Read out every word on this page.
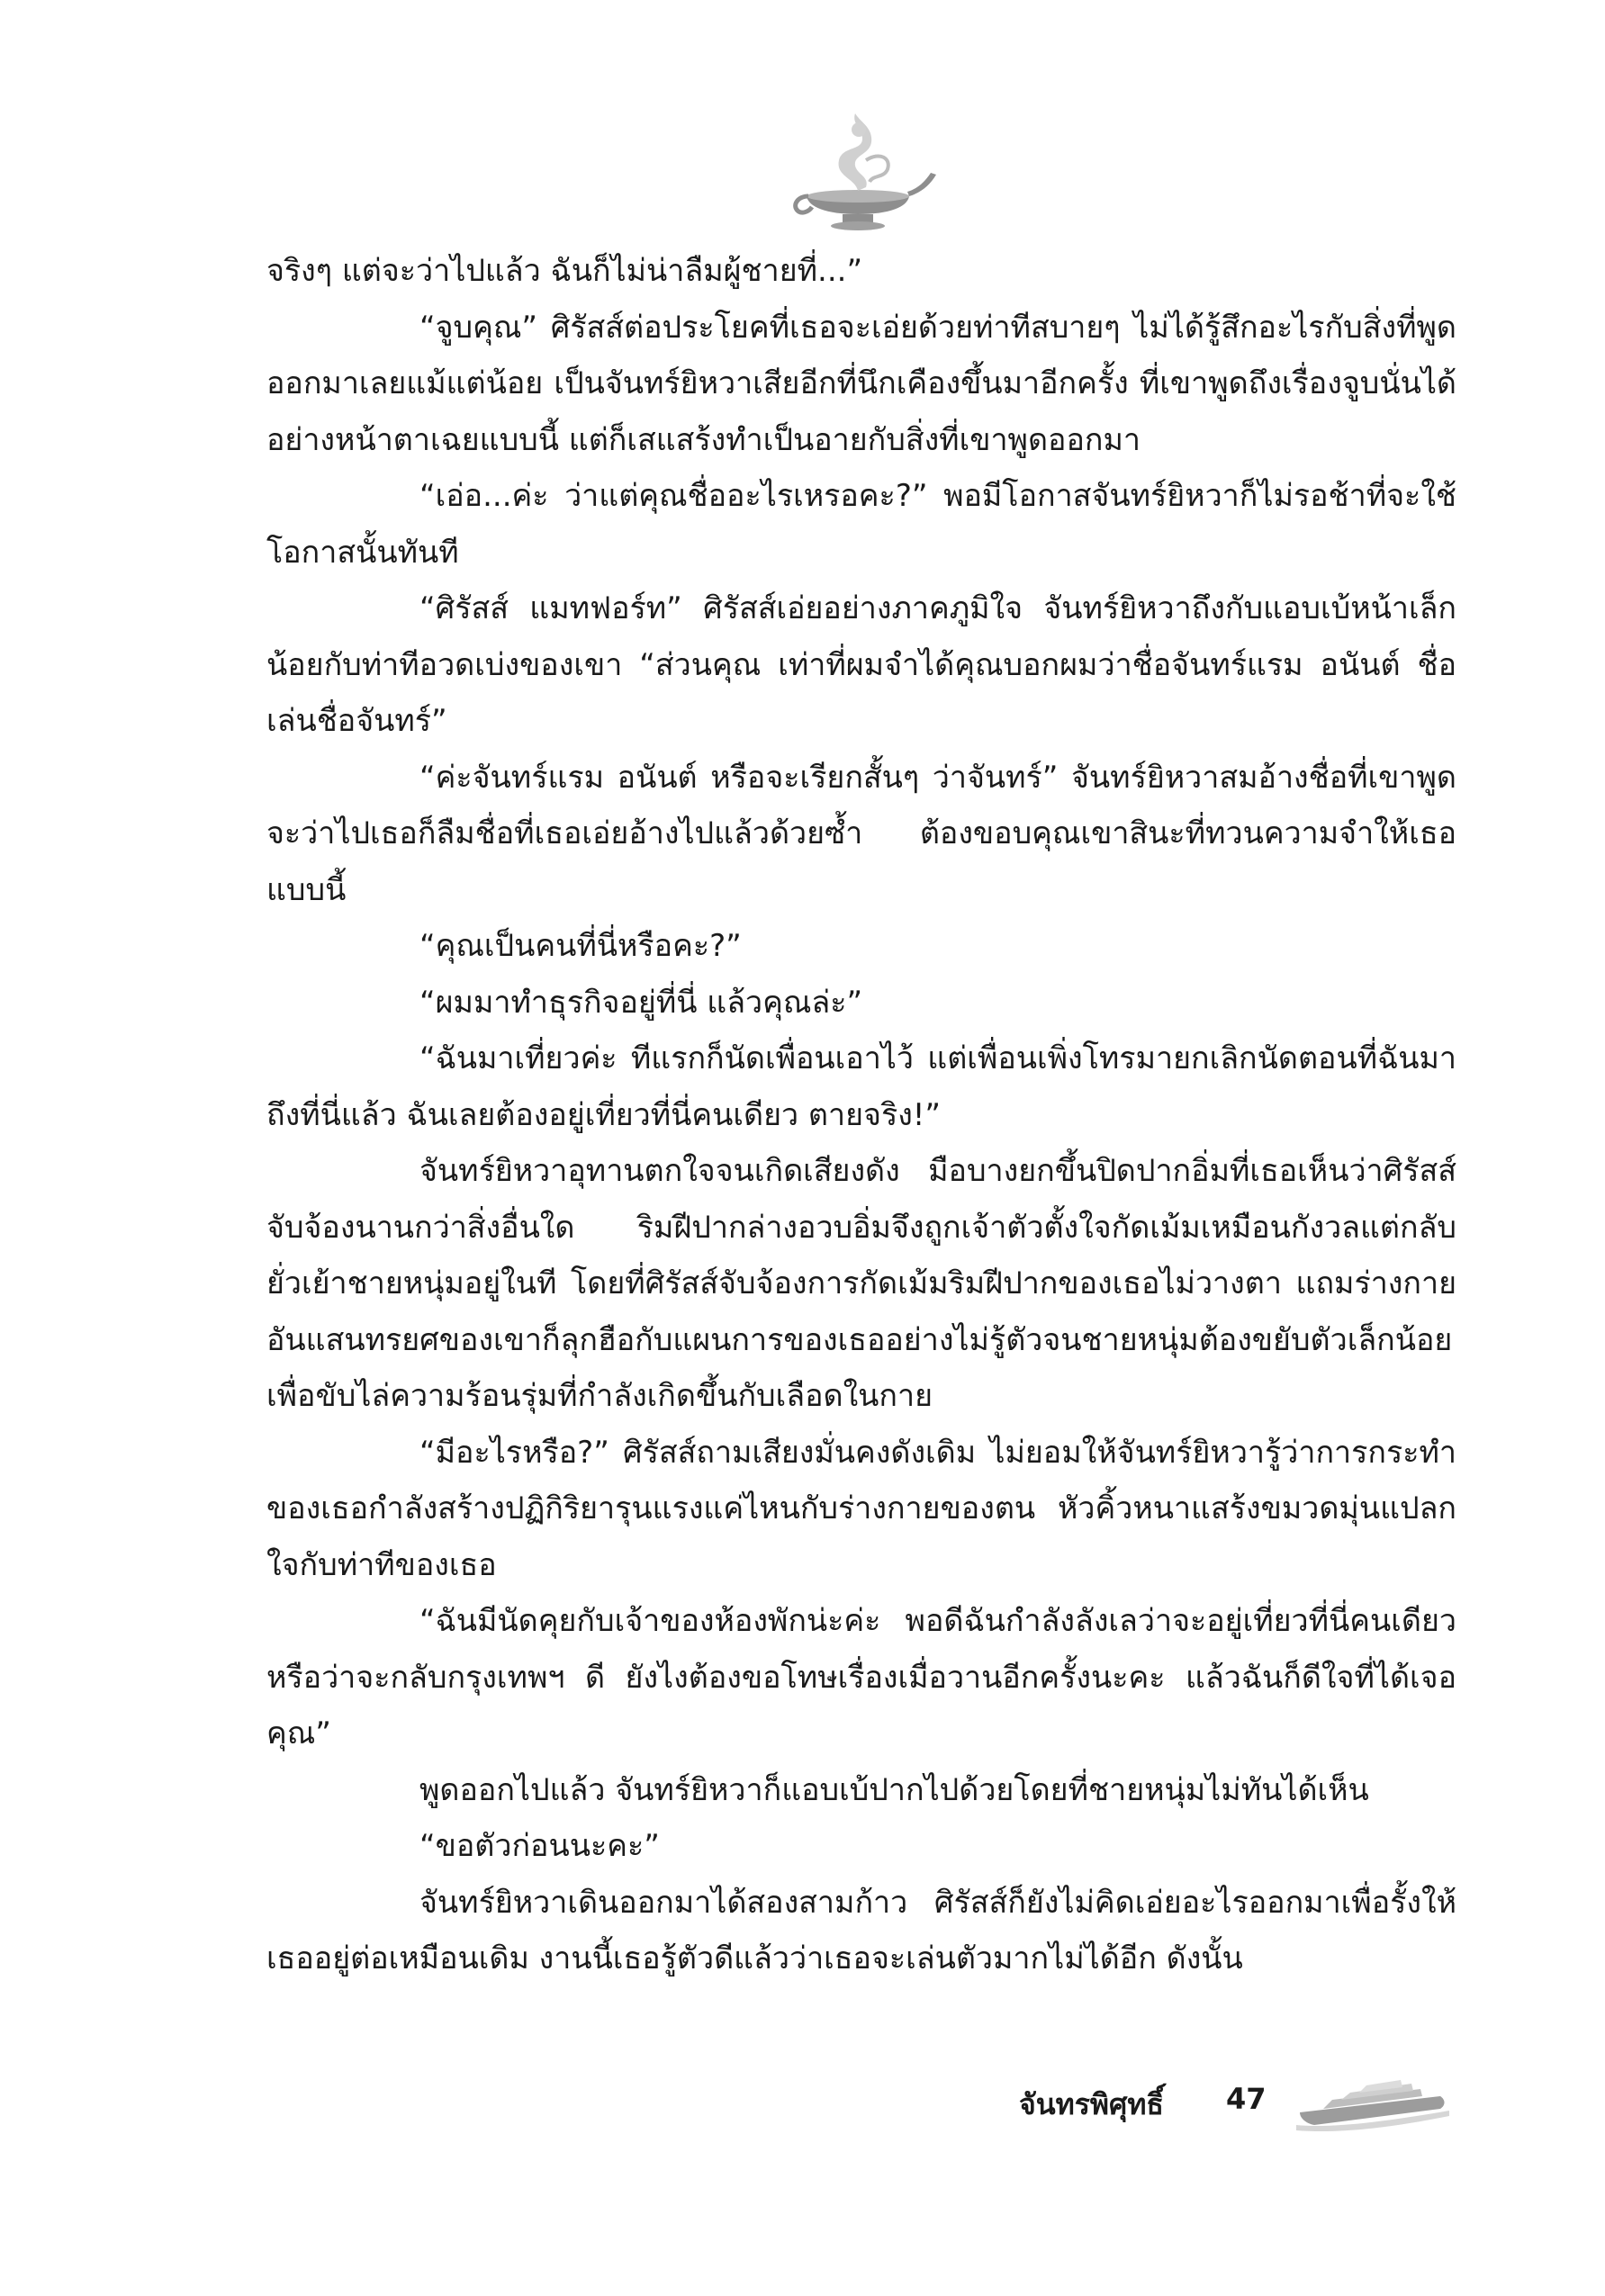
จริงๆ แต่จะว่าไปแล้ว ฉันก็ไม่น่าลืมผู้ชายที่...”

“จูบคุณ” ศิรัสส์ต่อประโยคที่เธอจะเอ่ยด้วยท่าทีสบายๆ ไม่ได้รู้สึกอะไรกับสิ่งที่พูดออกมาเลยแม้แต่น้อย เป็นจันทร์ยิหวาเสียอีกที่นึกเคืองขึ้นมาอีกครั้ง ที่เขาพูดถึงเรื่องจูบนั่นได้อย่างหน้าตาเฉยแบบนี้ แต่ก็เสแสร้งทำเป็นอายกับสิ่งที่เขาพูดออกมา

“เอ่อ...ค่ะ ว่าแต่คุณชื่ออะไรเหรอคะ?” พอมีโอกาสจันทร์ยิหวาก็ไม่รอช้าที่จะใช้โอกาสนั้นทันที

“ศิรัสส์ แมทฟอร์ท” ศิรัสส์เอ่ยอย่างภาคภูมิใจ จันทร์ยิหวาถึงกับแอบเบ้หน้าเล็กน้อยกับท่าทีอวดเบ่งของเขา “ส่วนคุณ เท่าที่ผมจำได้คุณบอกผมว่าชื่อจันทร์แรม อนันต์ ชื่อเล่นชื่อจันทร์”

“ค่ะจันทร์แรม อนันต์ หรือจะเรียกสั้นๆ ว่าจันทร์” จันทร์ยิหวาสมอ้างชื่อที่เขาพูด จะว่าไปเธอก็ลืมชื่อที่เธอเอ่ยอ้างไปแล้วด้วยซ้ำ ต้องขอบคุณเขาสินะที่ทวนความจำให้เธอแบบนี้

“คุณเป็นคนที่นี่หรือคะ?”

“ผมมาทำธุรกิจอยู่ที่นี่ แล้วคุณล่ะ”

“ฉันมาเที่ยวค่ะ ทีแรกก็นัดเพื่อนเอาไว้ แต่เพื่อนเพิ่งโทรมายกเลิกนัดตอนที่ฉันมาถึงที่นี่แล้ว ฉันเลยต้องอยู่เที่ยวที่นี่คนเดียว ตายจริง!”

จันทร์ยิหวาอุทานตกใจจนเกิดเสียงดัง มือบางยกขึ้นปิดปากอิ่มที่เธอเห็นว่าศิรัสส์จับจ้องนานกว่าสิ่งอื่นใด ริมฝีปากล่างอวบอิ่มจึงถูกเจ้าตัวตั้งใจกัดเม้มเหมือนกังวลแต่กลับยั่วเย้าชายหนุ่มอยู่ในที โดยที่ศิรัสส์จับจ้องการกัดเม้มริมฝีปากของเธอไม่วางตา แถมร่างกายอันแสนทรยศของเขาก็ลุกฮือกับแผนการของเธออย่างไม่รู้ตัวจนชายหนุ่มต้องขยับตัวเล็กน้อยเพื่อขับไล่ความร้อนรุ่มที่กำลังเกิดขึ้นกับเลือดในกาย

“มีอะไรหรือ?” ศิรัสส์ถามเสียงมั่นคงดังเดิม ไม่ยอมให้จันทร์ยิหวารู้ว่าการกระทำของเธอกำลังสร้างปฏิกิริยารุนแรงแค่ไหนกับร่างกายของตน หัวคิ้วหนาแสร้งขมวดมุ่นแปลกใจกับท่าทีของเธอ

“ฉันมีนัดคุยกับเจ้าของห้องพักน่ะค่ะ พอดีฉันกำลังลังเลว่าจะอยู่เที่ยวที่นี่คนเดียว หรือว่าจะกลับกรุงเทพฯ ดี ยังไงต้องขอโทษเรื่องเมื่อวานอีกครั้งนะคะ แล้วฉันก็ดีใจที่ได้เจอคุณ”

พูดออกไปแล้ว จันทร์ยิหวาก็แอบเบ้ปากไปด้วยโดยที่ชายหนุ่มไม่ทันได้เห็น

“ขอตัวก่อนนะคะ”

จันทร์ยิหวาเดินออกมาได้สองสามก้าว ศิรัสส์ก็ยังไม่คิดเอ่ยอะไรออกมาเพื่อรั้งให้เธออยู่ต่อเหมือนเดิม งานนี้เธอรู้ตัวดีแล้วว่าเธอจะเล่นตัวมากไม่ได้อีก ดังนั้น

จันทรพิศุทธิ์ 47
